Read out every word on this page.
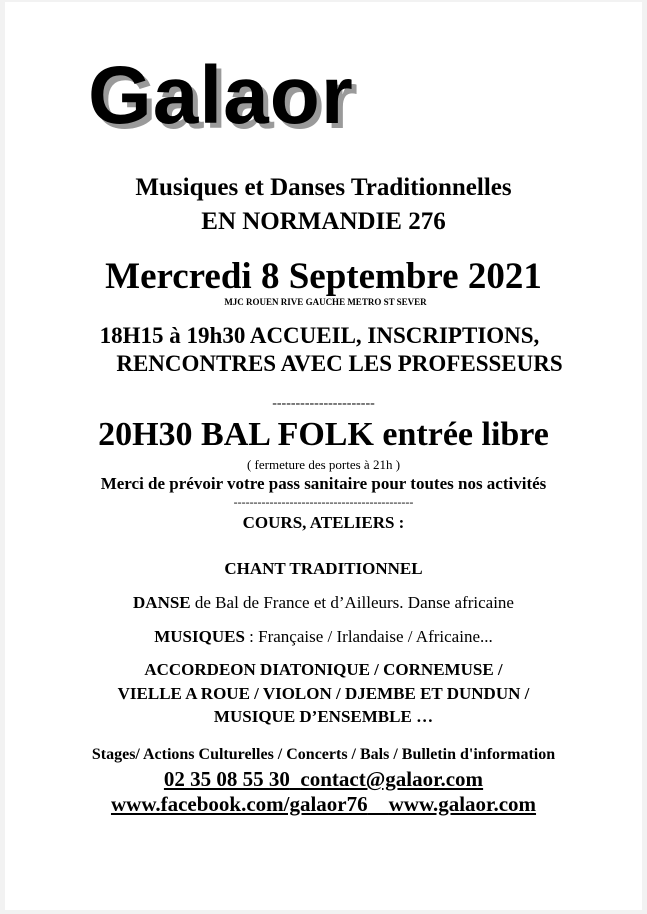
Galaor
Musiques et Danses Traditionnelles
EN NORMANDIE 276
Mercredi 8 Septembre 2021
MJC ROUEN RIVE GAUCHE METRO ST SEVER
18H15 à 19h30 ACCUEIL, INSCRIPTIONS,
RENCONTRES AVEC LES PROFESSEURS
----------------------
20H30 BAL FOLK entrée libre
( fermeture des portes à 21h )
Merci de prévoir votre pass sanitaire pour toutes nos activités
---------------------------------------------
COURS, ATELIERS :
CHANT TRADITIONNEL
DANSE de Bal de France et d’Ailleurs. Danse africaine
MUSIQUES : Française / Irlandaise / Africaine...
ACCORDEON DIATONIQUE / CORNEMUSE /
VIELLE A ROUE / VIOLON / DJEMBE ET DUNDUN /
MUSIQUE D’ENSEMBLE …
Stages/ Actions Culturelles / Concerts / Bals / Bulletin d'information
02 35 08 55 30 contact@galaor.com
www.facebook.com/galaor76 www.galaor.com
